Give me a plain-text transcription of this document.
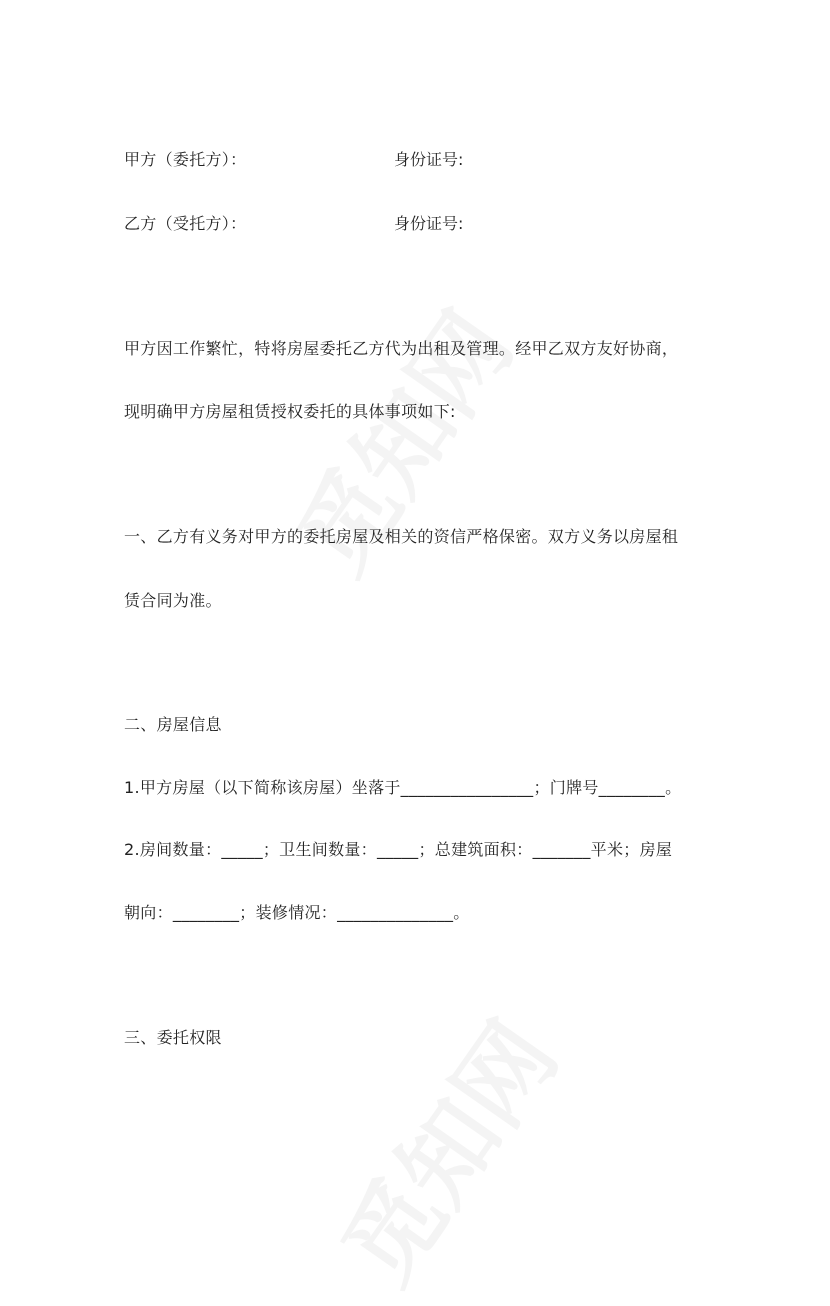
甲方（委托方）：	身份证号:
乙方（受托方）：	身份证号:
甲方因工作繁忙，特将房屋委托乙方代为出租及管理。经甲乙双方友好协商，
现明确甲方房屋租赁授权委托的具体事项如下:
一、乙方有义务对甲方的委托房屋及相关的资信严格保密。双方义务以房屋租
赁合同为准。
二、房屋信息
1.甲方房屋（以下简称该房屋）坐落于________________；门牌号________。
2.房间数量：_____；卫生间数量：_____；总建筑面积：_______平米；房屋
朝向：________；装修情况：______________。
三、委托权限
